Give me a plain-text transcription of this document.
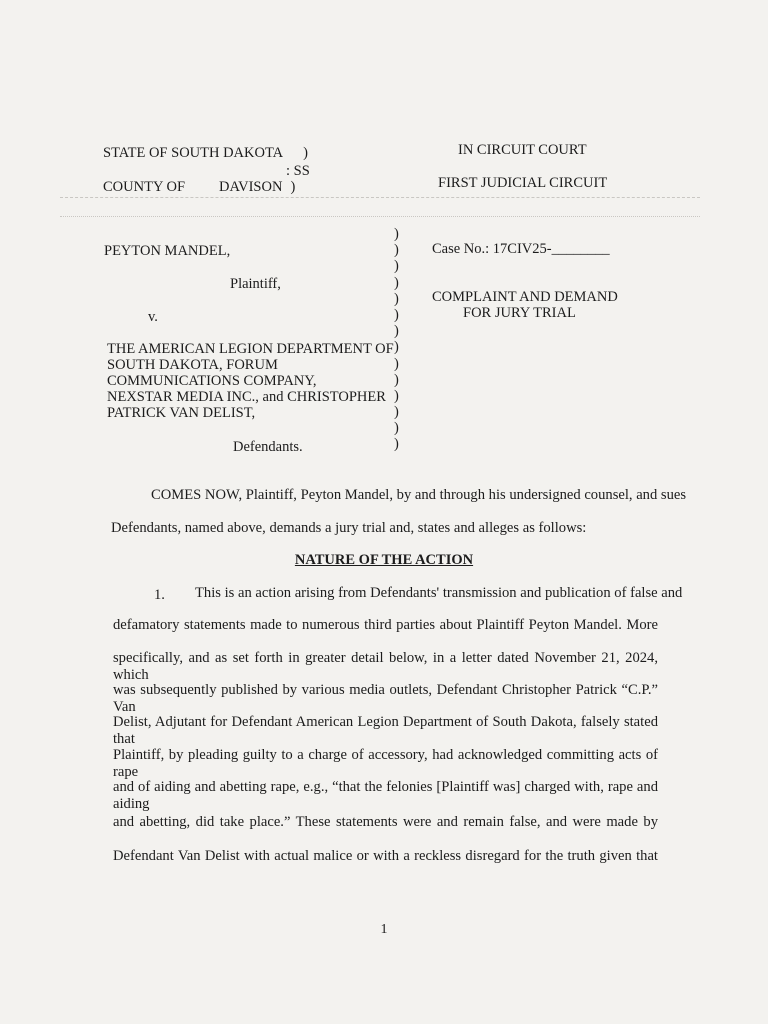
STATE OF SOUTH DAKOTA )
: SS
COUNTY OF DAVISON )
IN CIRCUIT COURT
FIRST JUDICIAL CIRCUIT
)
)
)
)
)
)
)
)
)
)
)
)
)
)
PEYTON MANDEL,
Plaintiff,
v.
THE AMERICAN LEGION DEPARTMENT OF
SOUTH DAKOTA, FORUM
COMMUNICATIONS COMPANY,
NEXSTAR MEDIA INC., and CHRISTOPHER
PATRICK VAN DELIST,
Defendants.
Case No.: 17CIV25-________
COMPLAINT AND DEMAND
FOR JURY TRIAL
COMES NOW, Plaintiff, Peyton Mandel, by and through his undersigned counsel, and sues
Defendants, named above, demands a jury trial and, states and alleges as follows:
NATURE OF THE ACTION
1. This is an action arising from Defendants' transmission and publication of false and
defamatory statements made to numerous third parties about Plaintiff Peyton Mandel. More
specifically, and as set forth in greater detail below, in a letter dated November 21, 2024, which
was subsequently published by various media outlets, Defendant Christopher Patrick “C.P.” Van
Delist, Adjutant for Defendant American Legion Department of South Dakota, falsely stated that
Plaintiff, by pleading guilty to a charge of accessory, had acknowledged committing acts of rape
and of aiding and abetting rape, e.g., “that the felonies [Plaintiff was] charged with, rape and aiding
and abetting, did take place.” These statements were and remain false, and were made by
Defendant Van Delist with actual malice or with a reckless disregard for the truth given that
1
